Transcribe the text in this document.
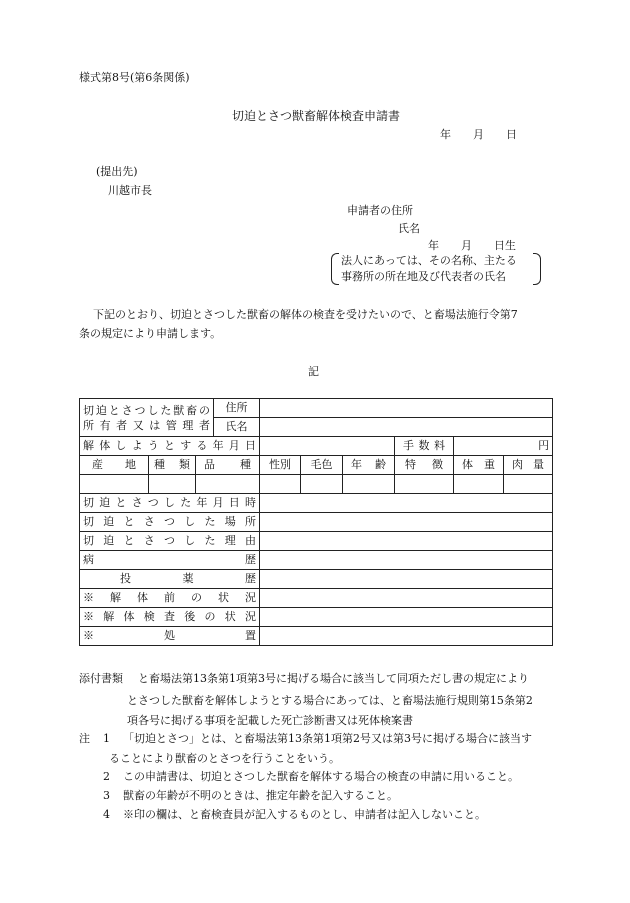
様式第8号(第6条関係)
切迫とさつ獣畜解体検査申請書
年　　月　　日
(提出先)
川越市長
申請者の住所
氏名
年　　月　　日生
法人にあっては、その名称、主たる
事務所の所在地及び代表者の氏名
下記のとおり、切迫とさつした獣畜の解体の検査を受けたいので、と畜場法施行令第7
条の規定により申請します。
記
切迫とさつした獣畜の
所有者又は管理者			住所						
			氏名						
解体しようとする年月日							手数料	円	
産地	種類	品種		性別	毛色	年齢	特徴	体重	肉量

切迫とさつした年月日時									
切迫とさつした場所									
切迫とさつした理由									
病歴									
投薬歴									
※解体前の状況									
※解体検査後の状況									
※処置									
添付書類 と畜場法第13条第1項第3号に掲げる場合に該当して同項ただし書の規定により
とさつした獣畜を解体しようとする場合にあっては、と畜場法施行規則第15条第2
項各号に掲げる事項を記載した死亡診断書又は死体検案書
注 1 「切迫とさつ」とは、と畜場法第13条第1項第2号又は第3号に掲げる場合に該当す
ることにより獣畜のとさつを行うことをいう。
2 この申請書は、切迫とさつした獣畜を解体する場合の検査の申請に用いること。
3 獣畜の年齢が不明のときは、推定年齢を記入すること。
4 ※印の欄は、と畜検査員が記入するものとし、申請者は記入しないこと。
